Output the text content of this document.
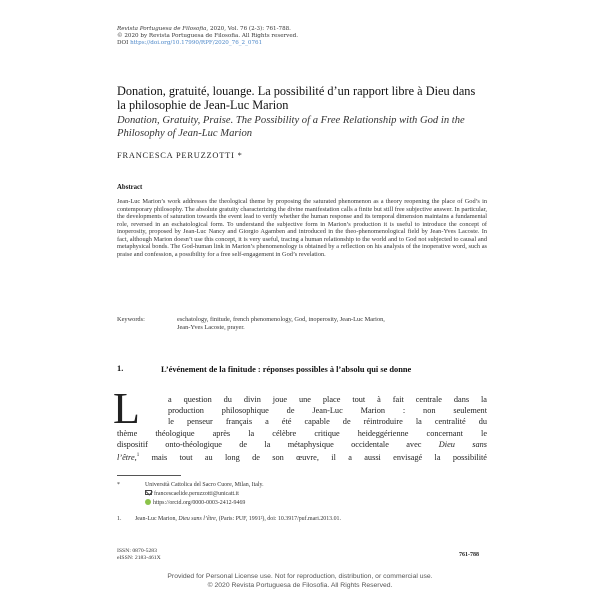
Revista Portuguesa de Filosofia, 2020, Vol. 76 (2-3): 761-788.
© 2020 by Revista Portuguesa de Filosofia. All Rights reserved.
DOI https://doi.org/10.17990/RPF/2020_76_2_0761
Donation, gratuité, louange. La possibilité d’un rapport libre à Dieu dans la philosophie de Jean-Luc Marion
Donation, Gratuity, Praise. The Possibility of a Free Relationship with God in the Philosophy of Jean-Luc Marion
FRANCESCA PERUZZOTTI *
Abstract
Jean-Luc Marion’s work addresses the theological theme by proposing the saturated phenomenon as a theory reopening the place of God’s in contemporary philosophy. The absolute gratuity characterizing the divine manifestation calls a finite but still free subjective answer. In particular, the developments of saturation towards the event lead to verify whether the human response and its temporal dimension maintains a fundamental role, reversed in an eschatological form. To understand the subjective form in Marion’s production it is useful to introduce the concept of inoperosity, proposed by Jean-Luc Nancy and Giorgio Agamben and introduced in the theo-phenomenological field by Jean-Yves Lacoste. In fact, although Marion doesn’t use this concept, it is very useful, tracing a human relationship to the world and to God not subjected to causal and metaphysical bonds. The God-human link in Marion’s phenomenology is obtained by a reflection on his analysis of the inoperative word, such as praise and confession, a possibility for a free self-engagement in God’s revelation.
Keywords:	eschatology, finitude, french phenomenology, God, inoperosity, Jean-Luc Marion,
Jean-Yves Lacoste, prayer.
1.	L’événement de la finitude : réponses possibles à l’absolu qui se donne
L	a question du divin joue une place tout à fait centrale dans la
production philosophique de Jean-Luc Marion : non seulement
le penseur français a été capable de réintroduire la centralité du
thème théologique après la célèbre critique heideggérienne concernant le
dispositif onto-théologique de la métaphysique occidentale avec Dieu sans
l’être,$^1$ mais tout au long de son œuvre, il a aussi envisagé la possibilité
*	Università Cattolica del Sacro Cuore, Milan, Italy.
francescaelide.peruzzotti@unicatt.it
https://orcid.org/0000-0003-2412-9469
1. Jean-Luc Marion, Dieu sans l’être, (Paris: PUF, 1991²), doi: 10.3917/puf.mari.2013.01.
ISSN: 0870-5283
eISSN: 2183-461X
761-788
Provided for Personal License use. Not for reproduction, distribution, or commercial use.
© 2020 Revista Portuguesa de Filosofia. All Rights Reserved.
